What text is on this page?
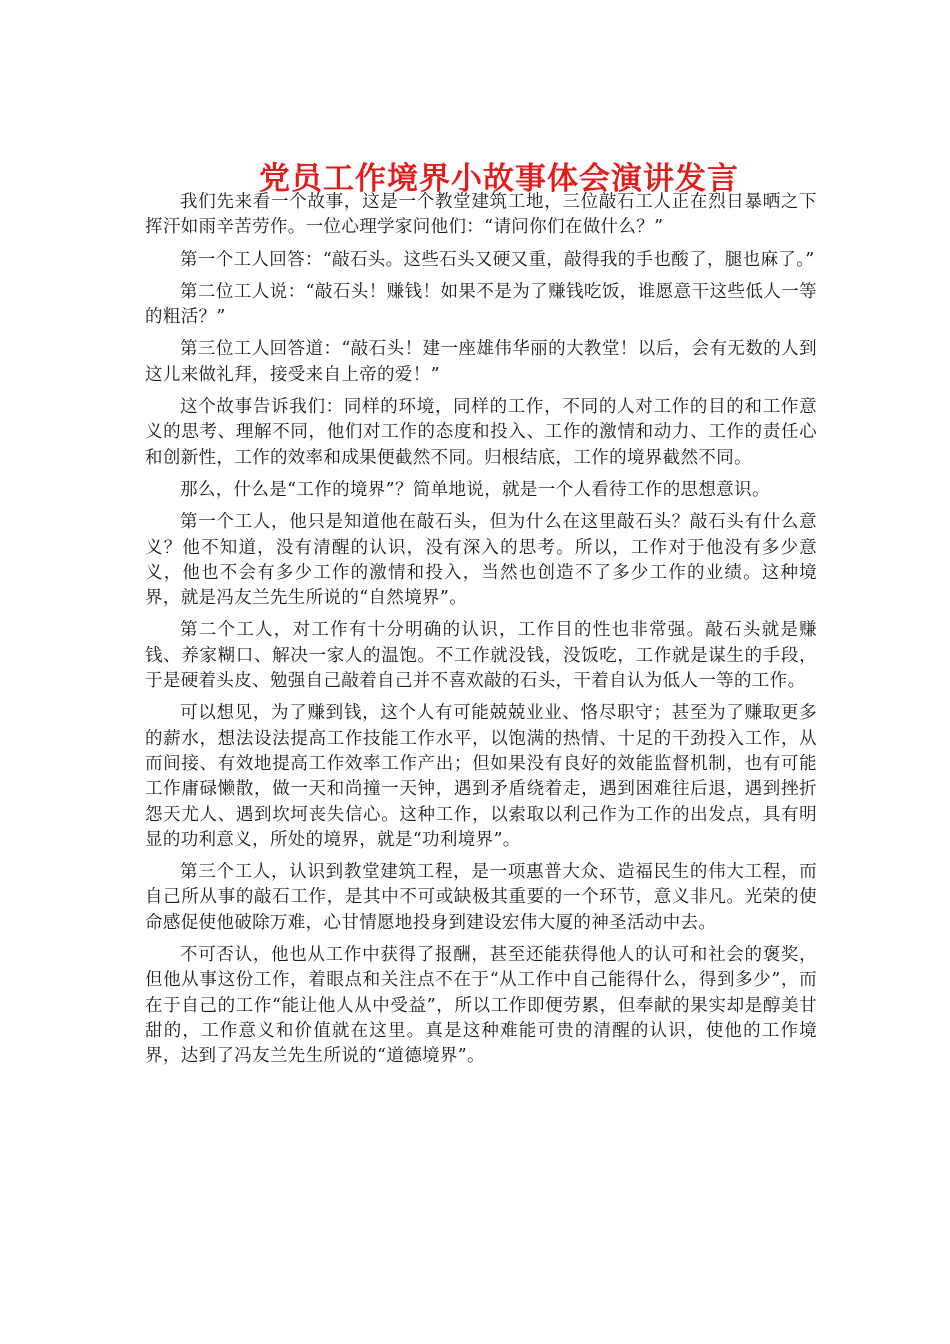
党员工作境界小故事体会演讲发言

我们先来看一个故事，这是一个教堂建筑工地，三位敲石工人正在烈日暴晒之下挥汗如雨辛苦劳作。一位心理学家问他们：“请问你们在做什么？”

第一个工人回答：“敲石头。这些石头又硬又重，敲得我的手也酸了，腿也麻了。”

第二位工人说：“敲石头！赚钱！如果不是为了赚钱吃饭，谁愿意干这些低人一等的粗活？”

第三位工人回答道：“敲石头！建一座雄伟华丽的大教堂！以后，会有无数的人到这儿来做礼拜，接受来自上帝的爱！”

这个故事告诉我们：同样的环境，同样的工作，不同的人对工作的目的和工作意义的思考、理解不同，他们对工作的态度和投入、工作的激情和动力、工作的责任心和创新性，工作的效率和成果便截然不同。归根结底，工作的境界截然不同。

那么，什么是“工作的境界”？简单地说，就是一个人看待工作的思想意识。

第一个工人，他只是知道他在敲石头，但为什么在这里敲石头？敲石头有什么意义？他不知道，没有清醒的认识，没有深入的思考。所以，工作对于他没有多少意义，他也不会有多少工作的激情和投入，当然也创造不了多少工作的业绩。这种境界，就是冯友兰先生所说的“自然境界”。

第二个工人，对工作有十分明确的认识，工作目的性也非常强。敲石头就是赚钱、养家糊口、解决一家人的温饱。不工作就没钱，没饭吃，工作就是谋生的手段，于是硬着头皮、勉强自己敲着自己并不喜欢敲的石头，干着自认为低人一等的工作。

可以想见，为了赚到钱，这个人有可能兢兢业业、恪尽职守；甚至为了赚取更多的薪水，想法设法提高工作技能工作水平，以饱满的热情、十足的干劲投入工作，从而间接、有效地提高工作效率工作产出；但如果没有良好的效能监督机制，也有可能工作庸碌懒散，做一天和尚撞一天钟，遇到矛盾绕着走，遇到困难往后退，遇到挫折怨天尤人、遇到坎坷丧失信心。这种工作，以索取以利己作为工作的出发点，具有明显的功利意义，所处的境界，就是“功利境界”。

第三个工人，认识到教堂建筑工程，是一项惠普大众、造福民生的伟大工程，而自己所从事的敲石工作，是其中不可或缺极其重要的一个环节，意义非凡。光荣的使命感促使他破除万难，心甘情愿地投身到建设宏伟大厦的神圣活动中去。

不可否认，他也从工作中获得了报酬，甚至还能获得他人的认可和社会的褒奖，但他从事这份工作，着眼点和关注点不在于“从工作中自己能得什么，得到多少”，而在于自己的工作“能让他人从中受益”，所以工作即便劳累，但奉献的果实却是醇美甘甜的，工作意义和价值就在这里。真是这种难能可贵的清醒的认识，使他的工作境界，达到了冯友兰先生所说的“道德境界”。
